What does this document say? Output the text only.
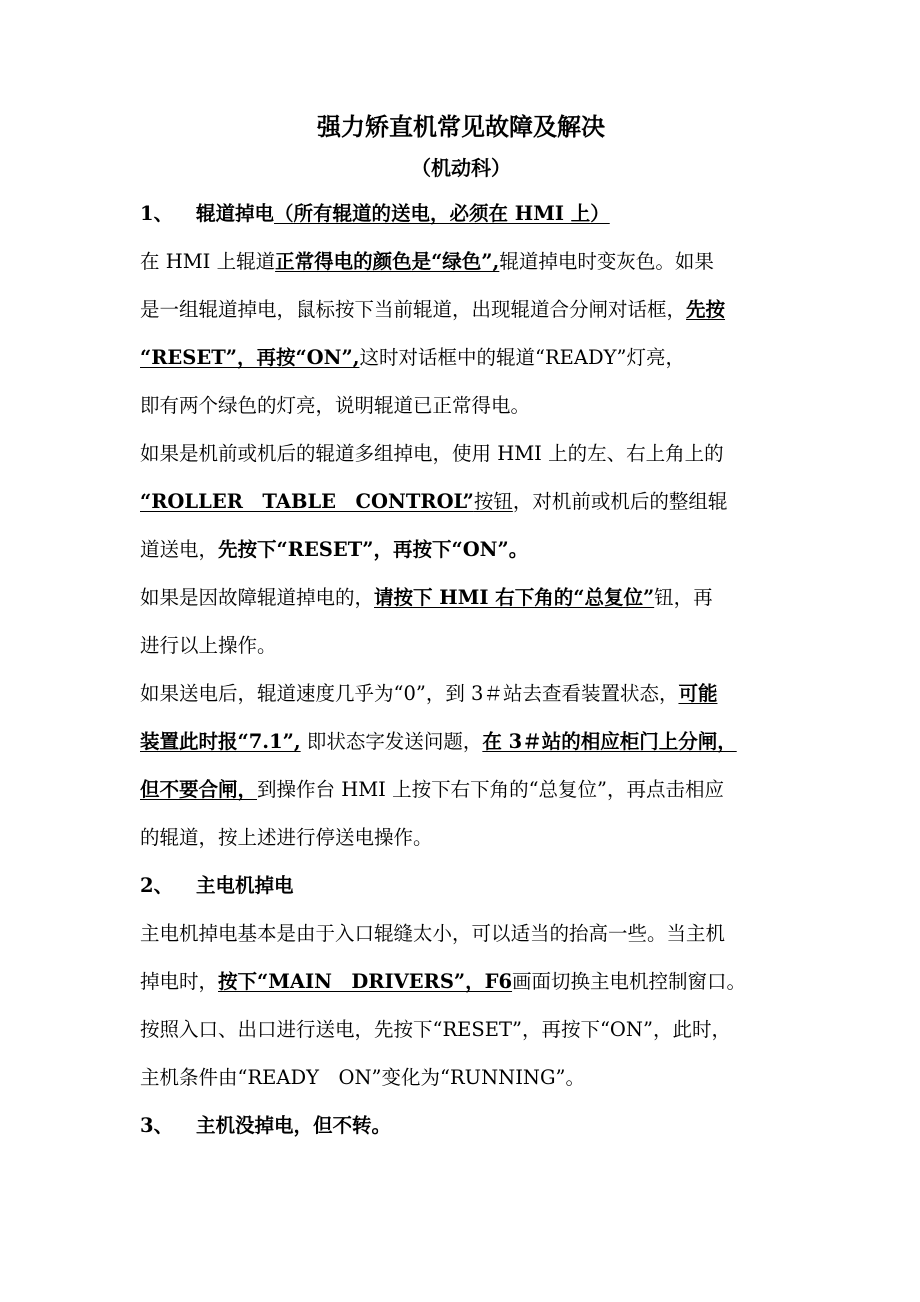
强力矫直机常见故障及解决
（机动科）
1、 辊道掉电（所有辊道的送电，必须在 HMI 上）
在 HMI 上辊道正常得电的颜色是“绿色”,辊道掉电时变灰色。如果
是一组辊道掉电，鼠标按下当前辊道，出现辊道合分闸对话框，先按
“RESET”，再按“ON”,这时对话框中的辊道“READY”灯亮，
即有两个绿色的灯亮，说明辊道已正常得电。
如果是机前或机后的辊道多组掉电，使用 HMI 上的左、右上角上的
“ROLLER　TABLE　CONTROL”按钮，对机前或机后的整组辊
道送电，先按下“RESET”，再按下“ON”。
如果是因故障辊道掉电的，请按下 HMI 右下角的“总复位”钮，再
进行以上操作。
如果送电后，辊道速度几乎为“0”，到 3＃站去查看装置状态，可能
装置此时报“7.1”, 即状态字发送问题，在 3＃站的相应柜门上分闸，
但不要合闸，到操作台 HMI 上按下右下角的“总复位”，再点击相应
的辊道，按上述进行停送电操作。
2、 主电机掉电
主电机掉电基本是由于入口辊缝太小，可以适当的抬高一些。当主机
掉电时，按下“MAIN　DRIVERS”，F6画面切换主电机控制窗口。
按照入口、出口进行送电，先按下“RESET”，再按下“ON”，此时，
主机条件由“READY　ON”变化为“RUNNING”。
3、 主机没掉电，但不转。
